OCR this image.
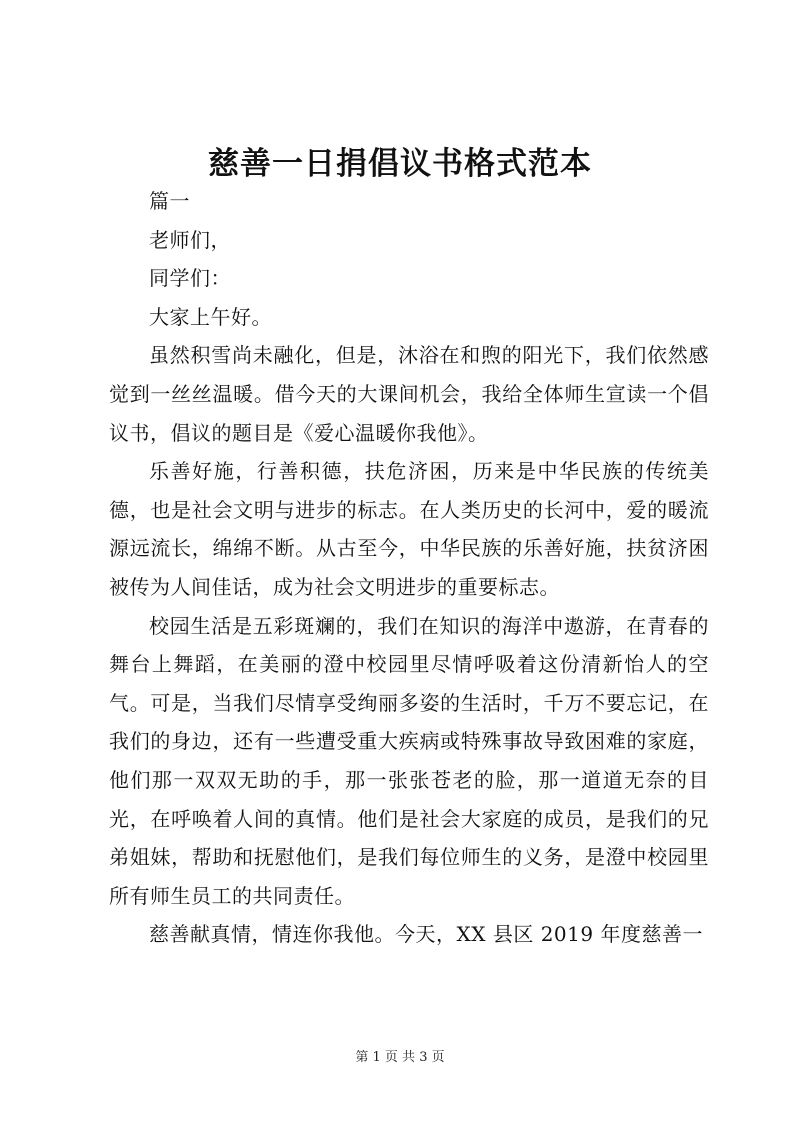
慈善一日捐倡议书格式范本

篇一

老师们，

同学们：

大家上午好。

虽然积雪尚未融化，但是，沐浴在和煦的阳光下，我们依然感觉到一丝丝温暖。借今天的大课间机会，我给全体师生宣读一个倡议书，倡议的题目是《爱心温暖你我他》。

乐善好施，行善积德，扶危济困，历来是中华民族的传统美德，也是社会文明与进步的标志。在人类历史的长河中，爱的暖流源远流长，绵绵不断。从古至今，中华民族的乐善好施，扶贫济困被传为人间佳话，成为社会文明进步的重要标志。

校园生活是五彩斑斓的，我们在知识的海洋中遨游，在青春的舞台上舞蹈，在美丽的澄中校园里尽情呼吸着这份清新怡人的空气。可是，当我们尽情享受绚丽多姿的生活时，千万不要忘记，在我们的身边，还有一些遭受重大疾病或特殊事故导致困难的家庭，他们那一双双无助的手，那一张张苍老的脸，那一道道无奈的目光，在呼唤着人间的真情。他们是社会大家庭的成员，是我们的兄弟姐妹，帮助和抚慰他们，是我们每位师生的义务，是澄中校园里所有师生员工的共同责任。

慈善献真情，情连你我他。今天，XX 县区 2019 年度慈善一

第 1 页 共 3 页
